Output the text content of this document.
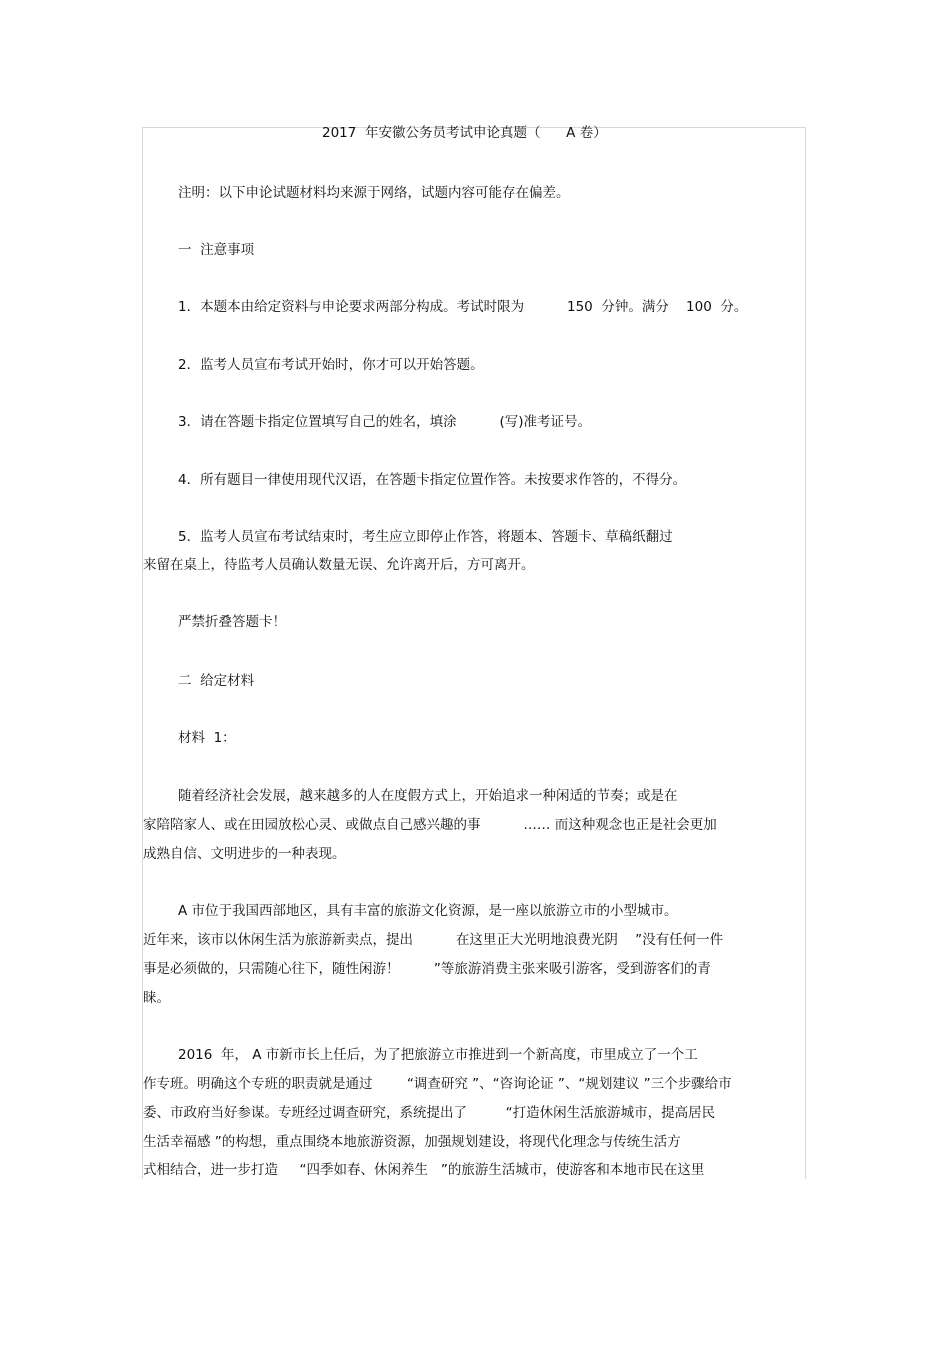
2017  年安徽公务员考试申论真题（      A 卷）
注明：以下申论试题材料均来源于网络，试题内容可能存在偏差。
一  注意事项
1．本题本由给定资料与申论要求两部分构成。考试时限为          150  分钟。满分    100  分。
2．监考人员宣布考试开始时，你才可以开始答题。
3．请在答题卡指定位置填写自己的姓名，填涂          (写)准考证号。
4．所有题目一律使用现代汉语，在答题卡指定位置作答。未按要求作答的，不得分。
5．监考人员宣布考试结束时，考生应立即停止作答，将题本、答题卡、草稿纸翻过
来留在桌上，待监考人员确认数量无误、允许离开后，方可离开。
严禁折叠答题卡！
二  给定材料
材料  1：
随着经济社会发展，越来越多的人在度假方式上，开始追求一种闲适的节奏；或是在
家陪陪家人、或在田园放松心灵、或做点自己感兴趣的事          …… 而这种观念也正是社会更加
成熟自信、文明进步的一种表现。
A 市位于我国西部地区，具有丰富的旅游文化资源，是一座以旅游立市的小型城市。
近年来，该市以休闲生活为旅游新卖点，提出          在这里正大光明地浪费光阴    ”没有任何一件
事是必须做的，只需随心往下，随性闲游！        ”等旅游消费主张来吸引游客，受到游客们的青
睐。
2016  年， A 市新市长上任后，为了把旅游立市推进到一个新高度，市里成立了一个工
作专班。明确这个专班的职责就是通过        “调查研究 ”、“咨询论证 ”、“规划建议 ”三个步骤给市
委、市政府当好参谋。专班经过调查研究，系统提出了         “打造休闲生活旅游城市，提高居民
生活幸福感 ”的构想，重点围绕本地旅游资源，加强规划建设，将现代化理念与传统生活方
式相结合，进一步打造     “四季如春、休闲养生   ”的旅游生活城市，使游客和本地市民在这里
